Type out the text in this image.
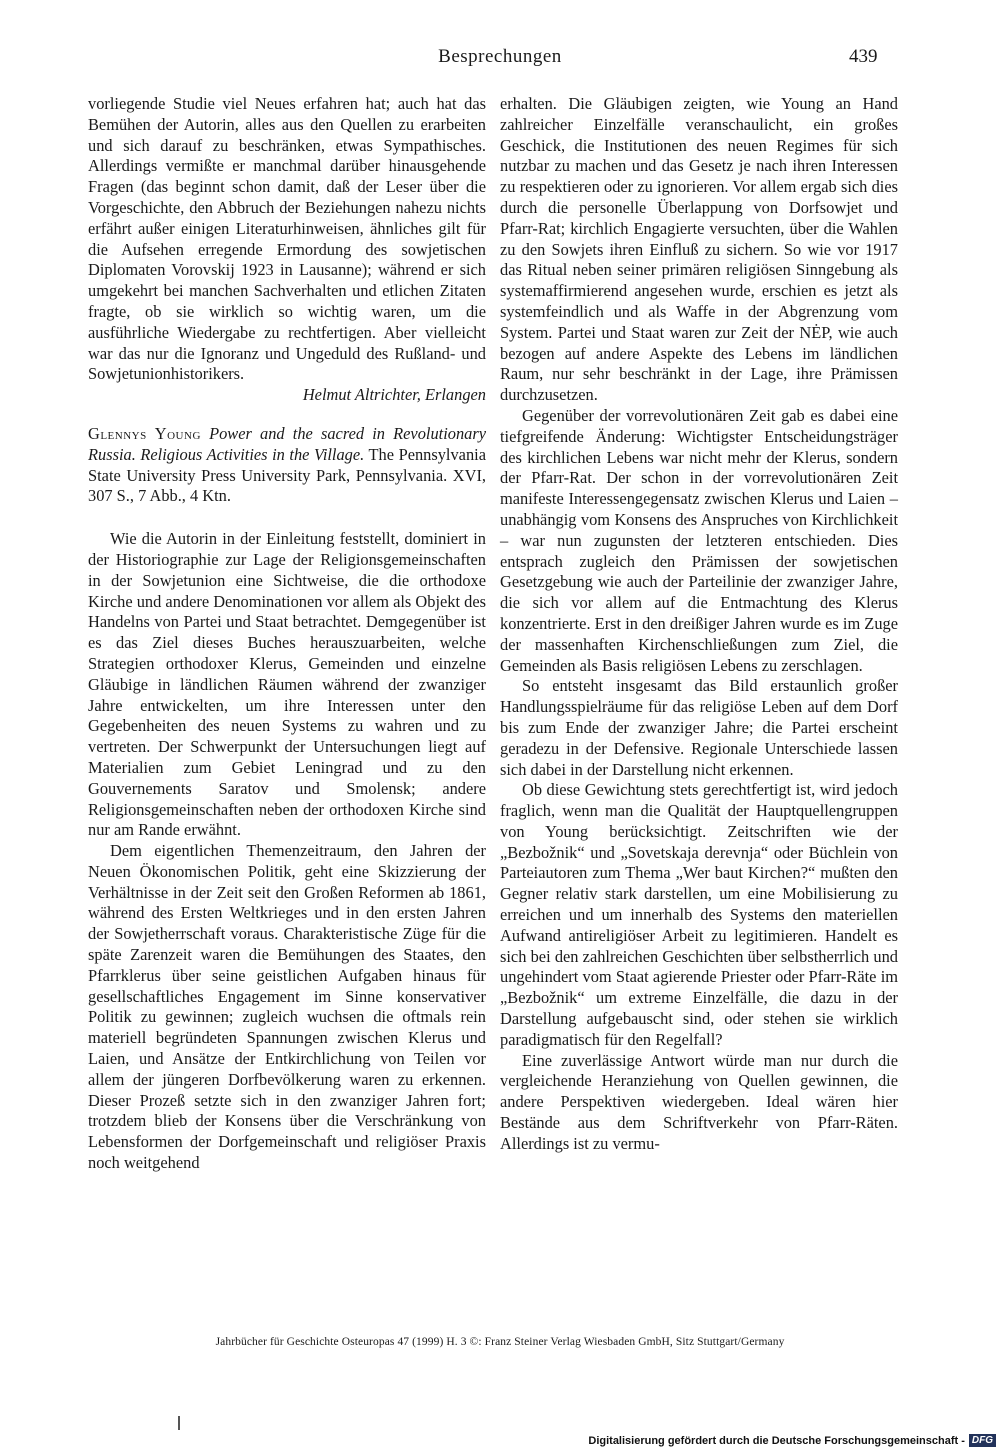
Besprechungen	439

vorliegende Studie viel Neues erfahren hat; auch hat das Bemühen der Autorin, alles aus den Quellen zu erarbeiten und sich darauf zu beschränken, etwas Sympathisches. Allerdings vermißte er manchmal darüber hinausgehende Fragen (das beginnt schon damit, daß der Leser über die Vorgeschichte, den Abbruch der Beziehungen nahezu nichts erfährt außer einigen Literaturhinweisen, ähnliches gilt für die Aufsehen erregende Ermordung des sowjetischen Diplomaten Vorovskij 1923 in Lausanne); während er sich umgekehrt bei manchen Sachverhalten und etlichen Zitaten fragte, ob sie wirklich so wichtig waren, um die ausführliche Wiedergabe zu rechtfertigen. Aber vielleicht war das nur die Ignoranz und Ungeduld des Rußland- und Sowjetunionhistorikers.

Helmut Altrichter, Erlangen

Glennys Young Power and the sacred in Revolutionary Russia. Religious Activities in the Village. The Pennsylvania State University Press University Park, Pennsylvania. XVI, 307 S., 7 Abb., 4 Ktn.

Wie die Autorin in der Einleitung feststellt, dominiert in der Historiographie zur Lage der Religionsgemeinschaften in der Sowjetunion eine Sichtweise, die die orthodoxe Kirche und andere Denominationen vor allem als Objekt des Handelns von Partei und Staat betrachtet. Demgegenüber ist es das Ziel dieses Buches herauszuarbeiten, welche Strategien orthodoxer Klerus, Gemeinden und einzelne Gläubige in ländlichen Räumen während der zwanziger Jahre entwickelten, um ihre Interessen unter den Gegebenheiten des neuen Systems zu wahren und zu vertreten. Der Schwerpunkt der Untersuchungen liegt auf Materialien zum Gebiet Leningrad und zu den Gouvernements Saratov und Smolensk; andere Religionsgemeinschaften neben der orthodoxen Kirche sind nur am Rande erwähnt.

Dem eigentlichen Themenzeitraum, den Jahren der Neuen Ökonomischen Politik, geht eine Skizzierung der Verhältnisse in der Zeit seit den Großen Reformen ab 1861, während des Ersten Weltkrieges und in den ersten Jahren der Sowjetherrschaft voraus. Charakteristische Züge für die späte Zarenzeit waren die Bemühungen des Staates, den Pfarrklerus über seine geistlichen Aufgaben hinaus für gesellschaftliches Engagement im Sinne konservativer Politik zu gewinnen; zugleich wuchsen die oftmals rein materiell begründeten Spannungen zwischen Klerus und Laien, und Ansätze der Entkirchlichung von Teilen vor allem der jüngeren Dorfbevölkerung waren zu erkennen. Dieser Prozeß setzte sich in den zwanziger Jahren fort; trotzdem blieb der Konsens über die Verschränkung von Lebensformen der Dorfgemeinschaft und religiöser Praxis noch weitgehend

erhalten. Die Gläubigen zeigten, wie Young an Hand zahlreicher Einzelfälle veranschaulicht, ein großes Geschick, die Institutionen des neuen Regimes für sich nutzbar zu machen und das Gesetz je nach ihren Interessen zu respektieren oder zu ignorieren. Vor allem ergab sich dies durch die personelle Überlappung von Dorfsowjet und Pfarr-Rat; kirchlich Engagierte versuchten, über die Wahlen zu den Sowjets ihren Einfluß zu sichern. So wie vor 1917 das Ritual neben seiner primären religiösen Sinngebung als systemaffirmierend angesehen wurde, erschien es jetzt als systemfeindlich und als Waffe in der Abgrenzung vom System. Partei und Staat waren zur Zeit der NĖP, wie auch bezogen auf andere Aspekte des Lebens im ländlichen Raum, nur sehr beschränkt in der Lage, ihre Prämissen durchzusetzen.

Gegenüber der vorrevolutionären Zeit gab es dabei eine tiefgreifende Änderung: Wichtigster Entscheidungsträger des kirchlichen Lebens war nicht mehr der Klerus, sondern der Pfarr-Rat. Der schon in der vorrevolutionären Zeit manifeste Interessengegensatz zwischen Klerus und Laien – unabhängig vom Konsens des Anspruches von Kirchlichkeit – war nun zugunsten der letzteren entschieden. Dies entsprach zugleich den Prämissen der sowjetischen Gesetzgebung wie auch der Parteilinie der zwanziger Jahre, die sich vor allem auf die Entmachtung des Klerus konzentrierte. Erst in den dreißiger Jahren wurde es im Zuge der massenhaften Kirchenschließungen zum Ziel, die Gemeinden als Basis religiösen Lebens zu zerschlagen.

So entsteht insgesamt das Bild erstaunlich großer Handlungsspielräume für das religiöse Leben auf dem Dorf bis zum Ende der zwanziger Jahre; die Partei erscheint geradezu in der Defensive. Regionale Unterschiede lassen sich dabei in der Darstellung nicht erkennen.

Ob diese Gewichtung stets gerechtfertigt ist, wird jedoch fraglich, wenn man die Qualität der Hauptquellengruppen von Young berücksichtigt. Zeitschriften wie der „Bezbožnik“ und „Sovetskaja derevnja“ oder Büchlein von Parteiautoren zum Thema „Wer baut Kirchen?“ mußten den Gegner relativ stark darstellen, um eine Mobilisierung zu erreichen und um innerhalb des Systems den materiellen Aufwand antireligiöser Arbeit zu legitimieren. Handelt es sich bei den zahlreichen Geschichten über selbstherrlich und ungehindert vom Staat agierende Priester oder Pfarr-Räte im „Bezbožnik“ um extreme Einzelfälle, die dazu in der Darstellung aufgebauscht sind, oder stehen sie wirklich paradigmatisch für den Regelfall?

Eine zuverlässige Antwort würde man nur durch die vergleichende Heranziehung von Quellen gewinnen, die andere Perspektiven wiedergeben. Ideal wären hier Bestände aus dem Schriftverkehr von Pfarr-Räten. Allerdings ist zu vermu-

Jahrbücher für Geschichte Osteuropas 47 (1999) H. 3 ©: Franz Steiner Verlag Wiesbaden GmbH, Sitz Stuttgart/Germany
Digitalisierung gefördert durch die Deutsche Forschungsgemeinschaft - DFG
